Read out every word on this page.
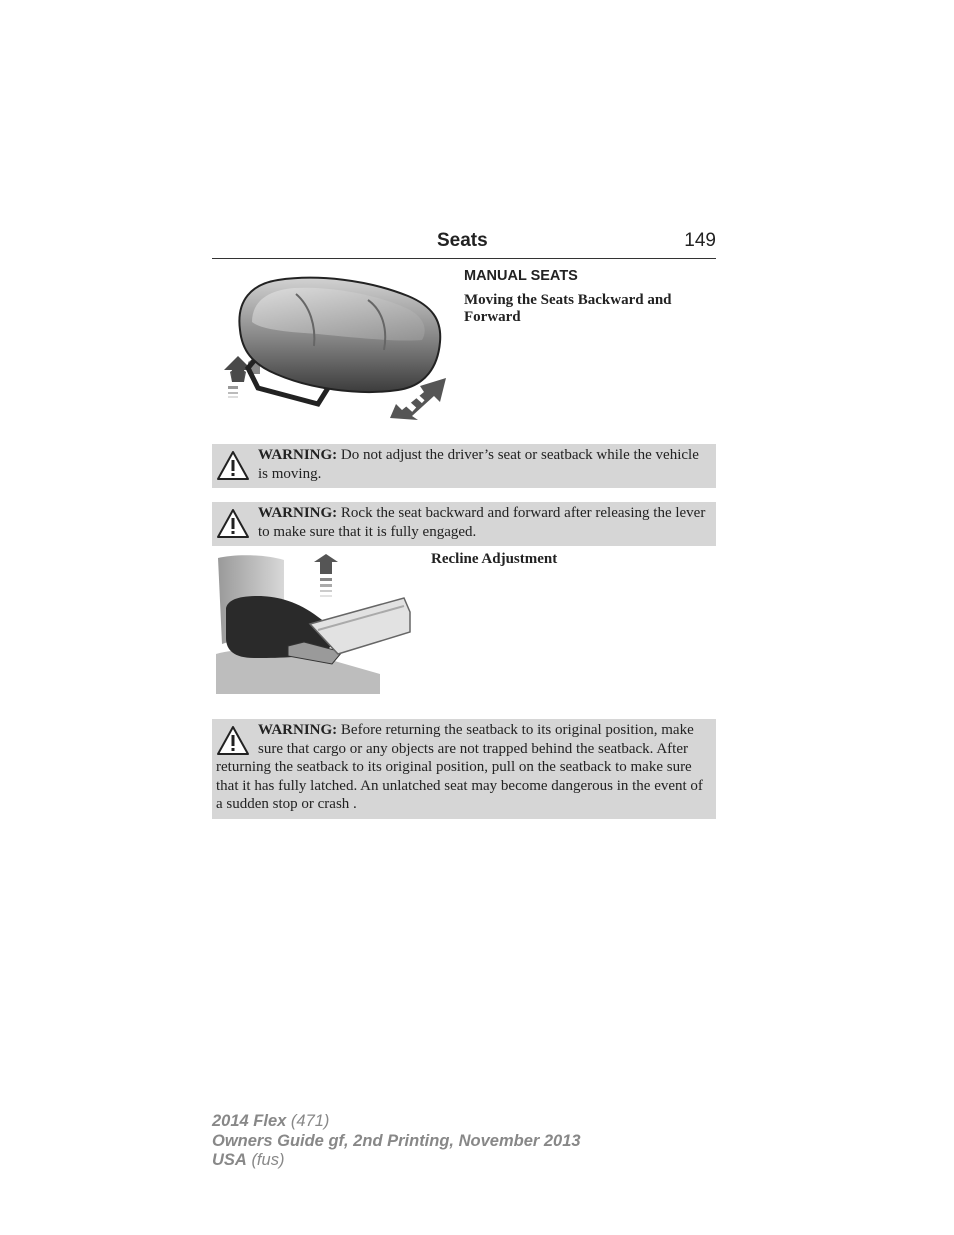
Seats	149
MANUAL SEATS
Moving the Seats Backward and Forward
WARNING: Do not adjust the driver’s seat or seatback while the vehicle is moving.
WARNING: Rock the seat backward and forward after releasing the lever to make sure that it is fully engaged.
Recline Adjustment
WARNING: Before returning the seatback to its original position, make sure that cargo or any objects are not trapped behind the seatback. After returning the seatback to its original position, pull on the seatback to make sure that it has fully latched. An unlatched seat may become dangerous in the event of a sudden stop or crash .
2014 Flex (471)
Owners Guide gf, 2nd Printing, November 2013
USA (fus)
